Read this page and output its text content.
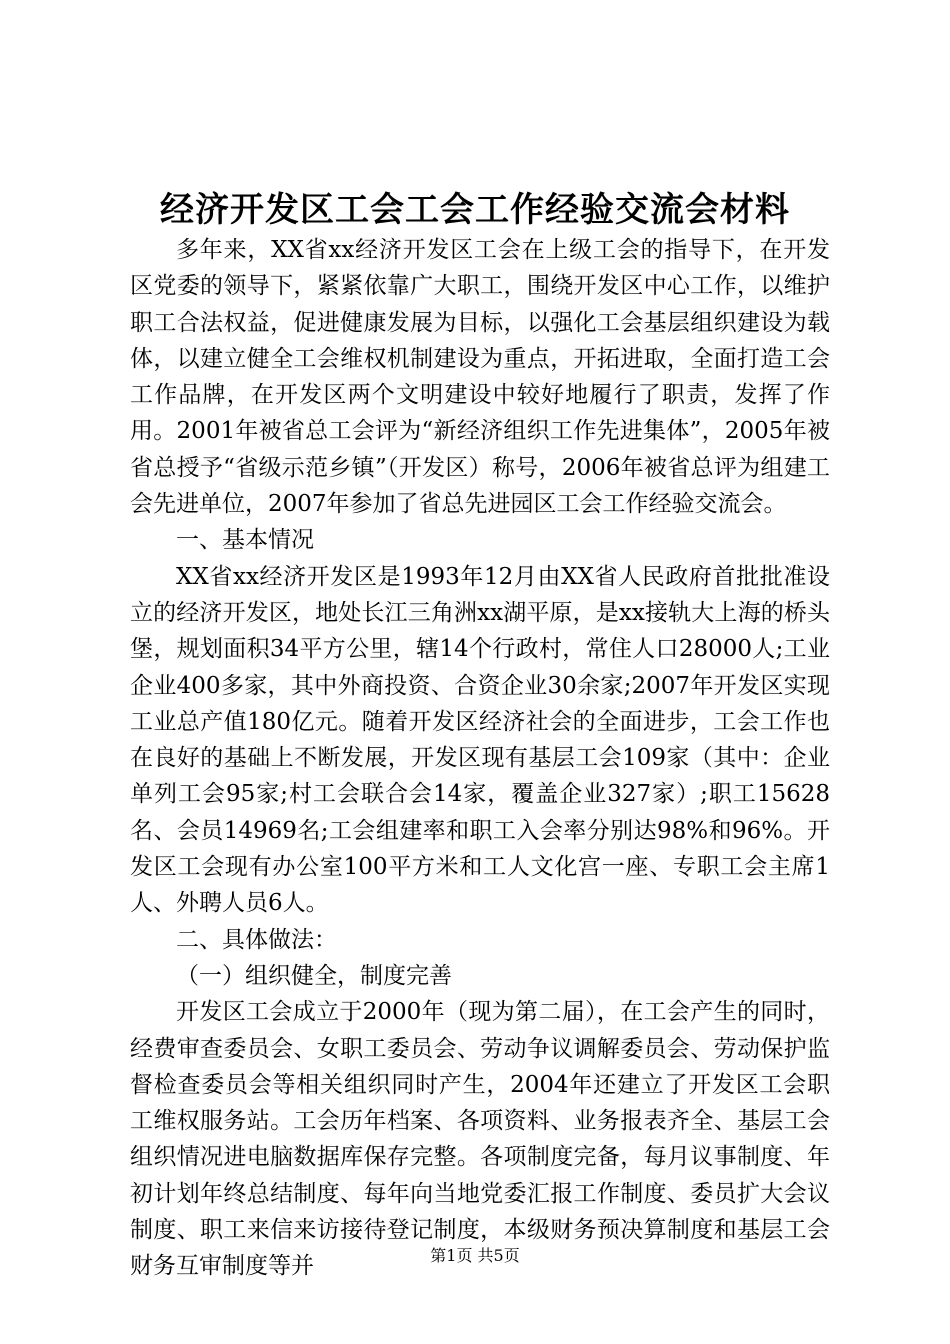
经济开发区工会工会工作经验交流会材料

多年来，XX省xx经济开发区工会在上级工会的指导下，在开发区党委的领导下，紧紧依靠广大职工，围绕开发区中心工作，以维护职工合法权益，促进健康发展为目标，以强化工会基层组织建设为载体，以建立健全工会维权机制建设为重点，开拓进取，全面打造工会工作品牌，在开发区两个文明建设中较好地履行了职责，发挥了作用。2001年被省总工会评为“新经济组织工作先进集体”，2005年被省总授予“省级示范乡镇”（开发区）称号，2006年被省总评为组建工会先进单位，2007年参加了省总先进园区工会工作经验交流会。

一、基本情况

XX省xx经济开发区是1993年12月由XX省人民政府首批批准设立的经济开发区，地处长江三角洲xx湖平原，是xx接轨大上海的桥头堡，规划面积34平方公里，辖14个行政村，常住人口28000人;工业企业400多家，其中外商投资、合资企业30余家;2007年开发区实现工业总产值180亿元。随着开发区经济社会的全面进步，工会工作也在良好的基础上不断发展，开发区现有基层工会109家（其中：企业单列工会95家;村工会联合会14家，覆盖企业327家）;职工15628名、会员14969名;工会组建率和职工入会率分别达98%和96%。开发区工会现有办公室100平方米和工人文化宫一座、专职工会主席1人、外聘人员6人。

二、具体做法：

（一）组织健全，制度完善

开发区工会成立于2000年（现为第二届），在工会产生的同时，经费审查委员会、女职工委员会、劳动争议调解委员会、劳动保护监督检查委员会等相关组织同时产生，2004年还建立了开发区工会职工维权服务站。工会历年档案、各项资料、业务报表齐全、基层工会组织情况进电脑数据库保存完整。各项制度完备，每月议事制度、年初计划年终总结制度、每年向当地党委汇报工作制度、委员扩大会议制度、职工来信来访接待登记制度，本级财务预决算制度和基层工会财务互审制度等并	第1页 共5页
